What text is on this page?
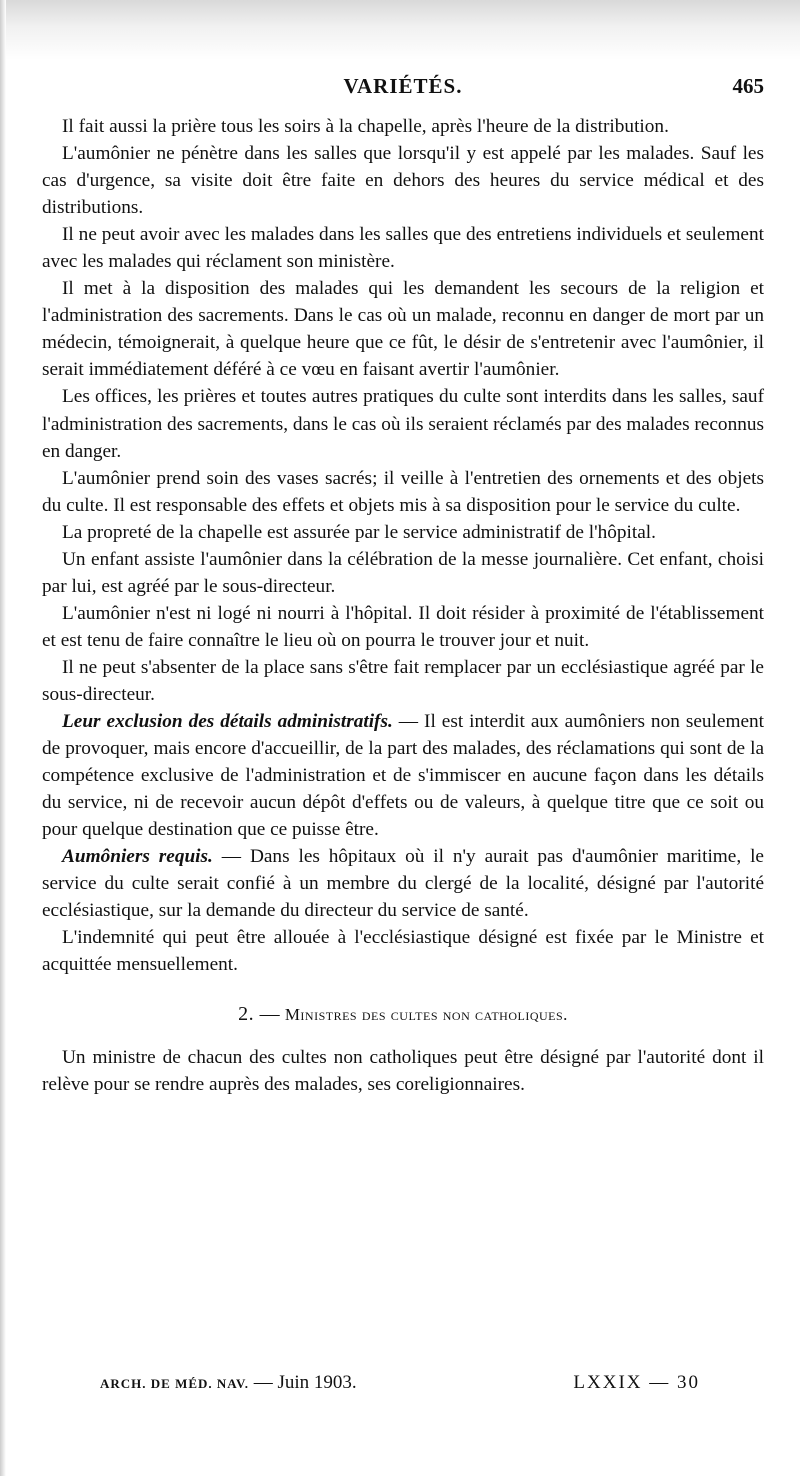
VARIÉTÉS.	465

Il fait aussi la prière tous les soirs à la chapelle, après l'heure de la distribution.

L'aumônier ne pénètre dans les salles que lorsqu'il y est appelé par les malades. Sauf les cas d'urgence, sa visite doit être faite en dehors des heures du service médical et des distributions.

Il ne peut avoir avec les malades dans les salles que des entretiens individuels et seulement avec les malades qui réclament son ministère.

Il met à la disposition des malades qui les demandent les secours de la religion et l'administration des sacrements. Dans le cas où un malade, reconnu en danger de mort par un médecin, témoignerait, à quelque heure que ce fût, le désir de s'entretenir avec l'aumônier, il serait immédiatement déféré à ce vœu en faisant avertir l'aumônier.

Les offices, les prières et toutes autres pratiques du culte sont interdits dans les salles, sauf l'administration des sacrements, dans le cas où ils seraient réclamés par des malades reconnus en danger.

L'aumônier prend soin des vases sacrés; il veille à l'entretien des ornements et des objets du culte. Il est responsable des effets et objets mis à sa disposition pour le service du culte.

La propreté de la chapelle est assurée par le service administratif de l'hôpital.

Un enfant assiste l'aumônier dans la célébration de la messe journalière. Cet enfant, choisi par lui, est agréé par le sous-directeur.

L'aumônier n'est ni logé ni nourri à l'hôpital. Il doit résider à proximité de l'établissement et est tenu de faire connaître le lieu où on pourra le trouver jour et nuit.

Il ne peut s'absenter de la place sans s'être fait remplacer par un ecclésiastique agréé par le sous-directeur.

Leur exclusion des détails administratifs. — Il est interdit aux aumôniers non seulement de provoquer, mais encore d'accueillir, de la part des malades, des réclamations qui sont de la compétence exclusive de l'administration et de s'immiscer en aucune façon dans les détails du service, ni de recevoir aucun dépôt d'effets ou de valeurs, à quelque titre que ce soit ou pour quelque destination que ce puisse être.

Aumôniers requis. — Dans les hôpitaux où il n'y aurait pas d'aumônier maritime, le service du culte serait confié à un membre du clergé de la localité, désigné par l'autorité ecclésiastique, sur la demande du directeur du service de santé.

L'indemnité qui peut être allouée à l'ecclésiastique désigné est fixée par le Ministre et acquittée mensuellement.

2. — Ministres des cultes non catholiques.

Un ministre de chacun des cultes non catholiques peut être désigné par l'autorité dont il relève pour se rendre auprès des malades, ses coreligionnaires.

ARCH. DE MÉD. NAV. — Juin 1903.	LXXIX — 30
